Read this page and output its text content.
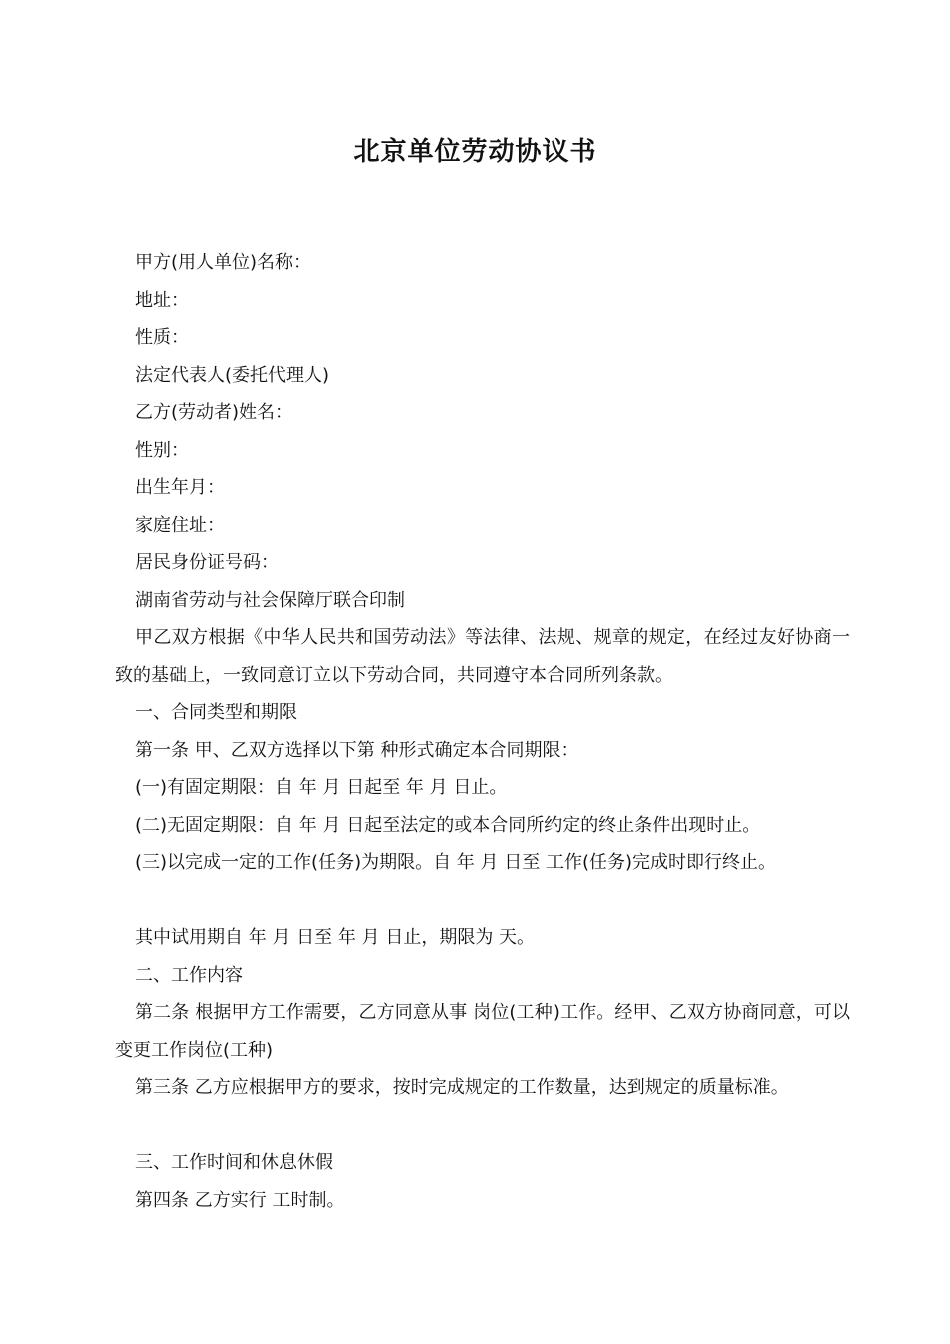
北京单位劳动协议书

甲方(用人单位)名称：

地址：

性质：

法定代表人(委托代理人)

乙方(劳动者)姓名：

性别：

出生年月：

家庭住址：

居民身份证号码：

湖南省劳动与社会保障厅联合印制

甲乙双方根据《中华人民共和国劳动法》等法律、法规、规章的规定，在经过友好协商一致的基础上，一致同意订立以下劳动合同，共同遵守本合同所列条款。

一、合同类型和期限

第一条 甲、乙双方选择以下第 种形式确定本合同期限：

(一)有固定期限：自 年 月 日起至 年 月 日止。

(二)无固定期限：自 年 月 日起至法定的或本合同所约定的终止条件出现时止。

(三)以完成一定的工作(任务)为期限。自 年 月 日至 工作(任务)完成时即行终止。

其中试用期自 年 月 日至 年 月 日止，期限为 天。

二、工作内容

第二条 根据甲方工作需要，乙方同意从事 岗位(工种)工作。经甲、乙双方协商同意，可以变更工作岗位(工种)

第三条 乙方应根据甲方的要求，按时完成规定的工作数量，达到规定的质量标准。

三、工作时间和休息休假

第四条 乙方实行 工时制。
